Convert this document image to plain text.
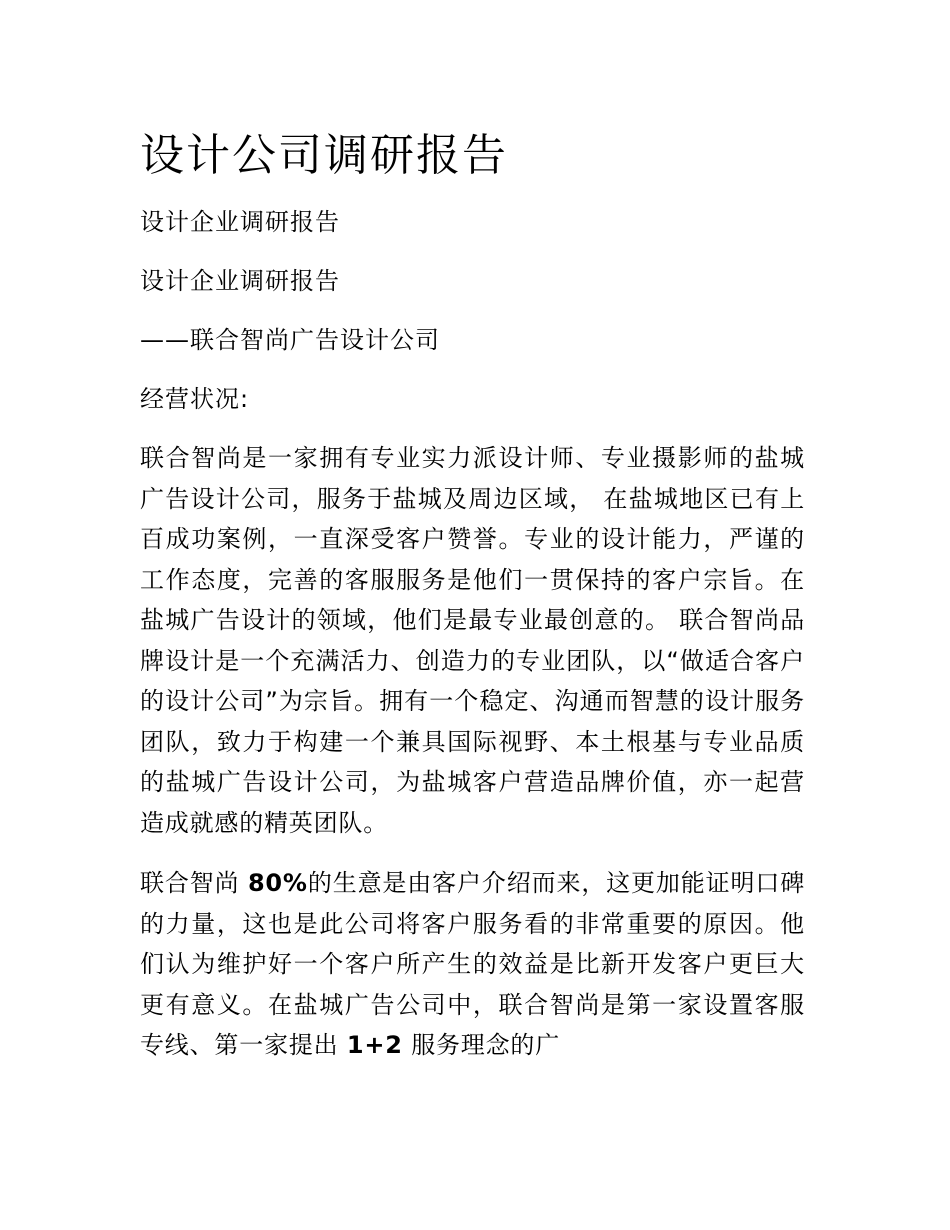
设计公司调研报告

设计企业调研报告

设计企业调研报告

——联合智尚广告设计公司

经营状况:

联合智尚是一家拥有专业实力派设计师、专业摄影师的盐城广告设计公司，服务于盐城及周边区域， 在盐城地区已有上百成功案例，一直深受客户赞誉。专业的设计能力，严谨的工作态度，完善的客服服务是他们一贯保持的客户宗旨。在盐城广告设计的领域，他们是最专业最创意的。 联合智尚品牌设计是一个充满活力、创造力的专业团队，以“做适合客户的设计公司”为宗旨。拥有一个稳定、沟通而智慧的设计服务团队，致力于构建一个兼具国际视野、本土根基与专业品质的盐城广告设计公司，为盐城客户营造品牌价值，亦一起营造成就感的精英团队。

联合智尚 80%的生意是由客户介绍而来，这更加能证明口碑的力量，这也是此公司将客户服务看的非常重要的原因。他们认为维护好一个客户所产生的效益是比新开发客户更巨大更有意义。在盐城广告公司中，联合智尚是第一家设置客服专线、第一家提出 1+2 服务理念的广
